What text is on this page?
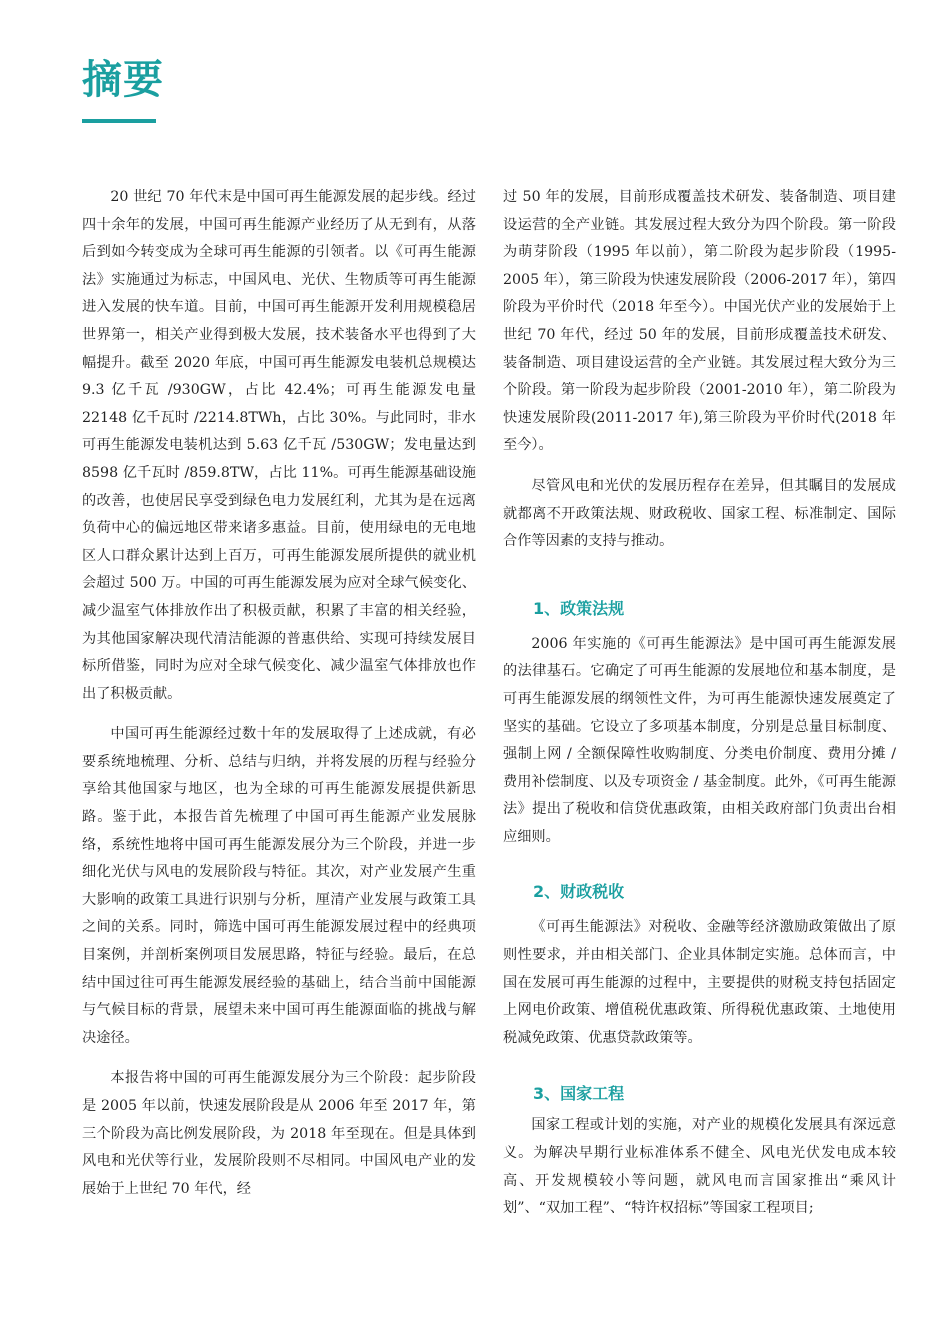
摘要

20 世纪 70 年代末是中国可再生能源发展的起步线。经过四十余年的发展，中国可再生能源产业经历了从无到有，从落后到如今转变成为全球可再生能源的引领者。以《可再生能源法》实施通过为标志，中国风电、光伏、生物质等可再生能源进入发展的快车道。目前，中国可再生能源开发利用规模稳居世界第一，相关产业得到极大发展，技术装备水平也得到了大幅提升。截至 2020 年底，中国可再生能源发电装机总规模达 9.3 亿千瓦 /930GW，占比 42.4%；可再生能源发电量 22148 亿千瓦时 /2214.8TWh，占比 30%。与此同时，非水可再生能源发电装机达到 5.63 亿千瓦 /530GW；发电量达到 8598 亿千瓦时 /859.8TW，占比 11%。可再生能源基础设施的改善，也使居民享受到绿色电力发展红利，尤其为是在远离负荷中心的偏远地区带来诸多惠益。目前，使用绿电的无电地区人口群众累计达到上百万，可再生能源发展所提供的就业机会超过 500 万。中国的可再生能源发展为应对全球气候变化、减少温室气体排放作出了积极贡献，积累了丰富的相关经验，为其他国家解决现代清洁能源的普惠供给、实现可持续发展目标所借鉴，同时为应对全球气候变化、减少温室气体排放也作出了积极贡献。

中国可再生能源经过数十年的发展取得了上述成就，有必要系统地梳理、分析、总结与归纳，并将发展的历程与经验分享给其他国家与地区，也为全球的可再生能源发展提供新思路。鉴于此，本报告首先梳理了中国可再生能源产业发展脉络，系统性地将中国可再生能源发展分为三个阶段，并进一步细化光伏与风电的发展阶段与特征。其次，对产业发展产生重大影响的政策工具进行识别与分析，厘清产业发展与政策工具之间的关系。同时，筛选中国可再生能源发展过程中的经典项目案例，并剖析案例项目发展思路，特征与经验。最后，在总结中国过往可再生能源发展经验的基础上，结合当前中国能源与气候目标的背景，展望未来中国可再生能源面临的挑战与解决途径。

本报告将中国的可再生能源发展分为三个阶段：起步阶段是 2005 年以前，快速发展阶段是从 2006 年至 2017 年，第三个阶段为高比例发展阶段，为 2018 年至现在。但是具体到风电和光伏等行业，发展阶段则不尽相同。中国风电产业的发展始于上世纪 70 年代，经

过 50 年的发展，目前形成覆盖技术研发、装备制造、项目建设运营的全产业链。其发展过程大致分为四个阶段。第一阶段为萌芽阶段（1995 年以前），第二阶段为起步阶段（1995-2005 年），第三阶段为快速发展阶段（2006-2017 年），第四阶段为平价时代（2018 年至今）。中国光伏产业的发展始于上世纪 70 年代，经过 50 年的发展，目前形成覆盖技术研发、装备制造、项目建设运营的全产业链。其发展过程大致分为三个阶段。第一阶段为起步阶段（2001-2010 年），第二阶段为快速发展阶段(2011-2017 年),第三阶段为平价时代(2018 年至今）。

尽管风电和光伏的发展历程存在差异，但其瞩目的发展成就都离不开政策法规、财政税收、国家工程、标准制定、国际合作等因素的支持与推动。

1、政策法规

2006 年实施的《可再生能源法》是中国可再生能源发展的法律基石。它确定了可再生能源的发展地位和基本制度，是可再生能源发展的纲领性文件，为可再生能源快速发展奠定了坚实的基础。它设立了多项基本制度，分别是总量目标制度、强制上网 / 全额保障性收购制度、分类电价制度、费用分摊 / 费用补偿制度、以及专项资金 / 基金制度。此外，《可再生能源法》提出了税收和信贷优惠政策，由相关政府部门负责出台相应细则。

2、财政税收

《可再生能源法》对税收、金融等经济激励政策做出了原则性要求，并由相关部门、企业具体制定实施。总体而言，中国在发展可再生能源的过程中，主要提供的财税支持包括固定上网电价政策、增值税优惠政策、所得税优惠政策、土地使用税减免政策、优惠贷款政策等。

3、国家工程

国家工程或计划的实施，对产业的规模化发展具有深远意义。为解决早期行业标准体系不健全、风电光伏发电成本较高、开发规模较小等问题，就风电而言国家推出“乘风计划”、“双加工程”、“特许权招标”等国家工程项目;
